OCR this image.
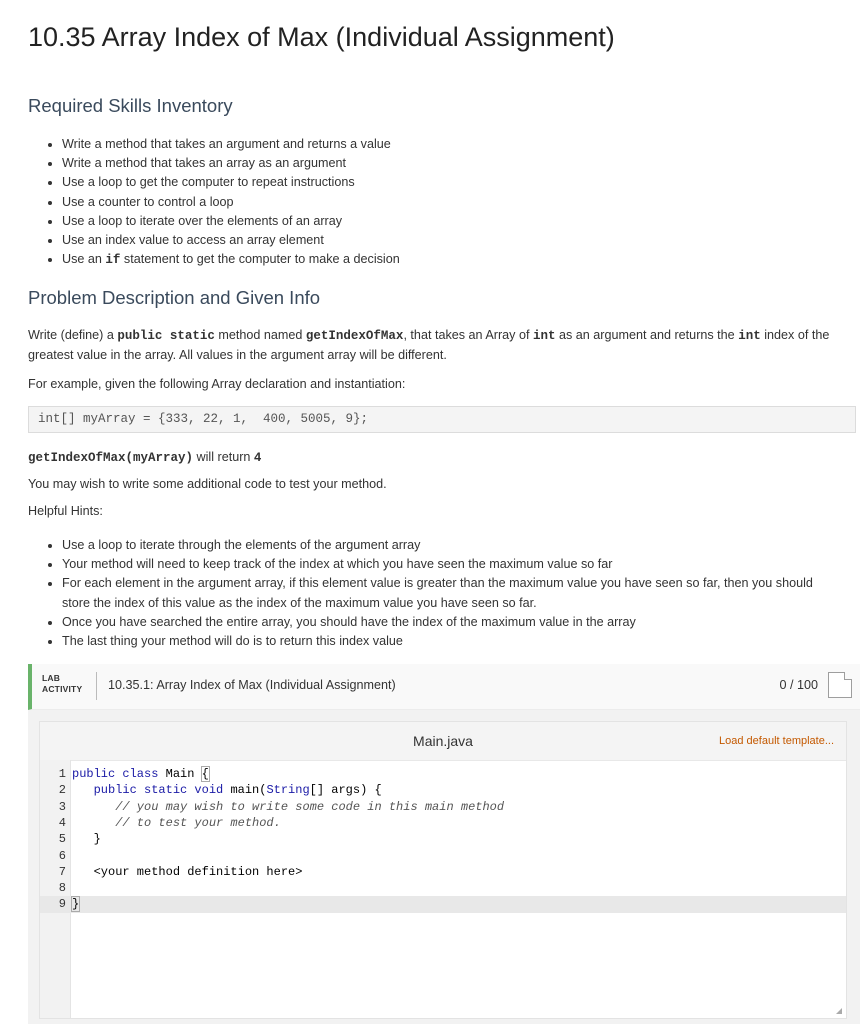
10.35 Array Index of Max (Individual Assignment)
Required Skills Inventory
• Write a method that takes an argument and returns a value
• Write a method that takes an array as an argument
• Use a loop to get the computer to repeat instructions
• Use a counter to control a loop
• Use a loop to iterate over the elements of an array
• Use an index value to access an array element
• Use an if statement to get the computer to make a decision
Problem Description and Given Info

Write (define) a public static method named getIndexOfMax, that takes an Array of int as an argument and returns the int index of the greatest value in the array. All values in the argument array will be different.

For example, given the following Array declaration and instantiation:

int[] myArray = {333, 22, 1,  400, 5005, 9};

getIndexOfMax(myArray) will return 4

You may wish to write some additional code to test your method.

Helpful Hints:

• Use a loop to iterate through the elements of the argument array
• Your method will need to keep track of the index at which you have seen the maximum value so far
• For each element in the argument array, if this element value is greater than the maximum value you have seen so far, then you should store the index of this value as the index of the maximum value you have seen so far.
• Once you have searched the entire array, you should have the index of the maximum value in the array
• The last thing your method will do is to return this index value
LAB
ACTIVITY 10.35.1: Array Index of Max (Individual Assignment)	0 / 100
Main.java	Load default template...
1 public class Main {
2 public static void main(String[] args) {
3 // you may wish to write some code in this main method
4 // to test your method.
5 }
6
7 <your method definition here>
8
9 }
